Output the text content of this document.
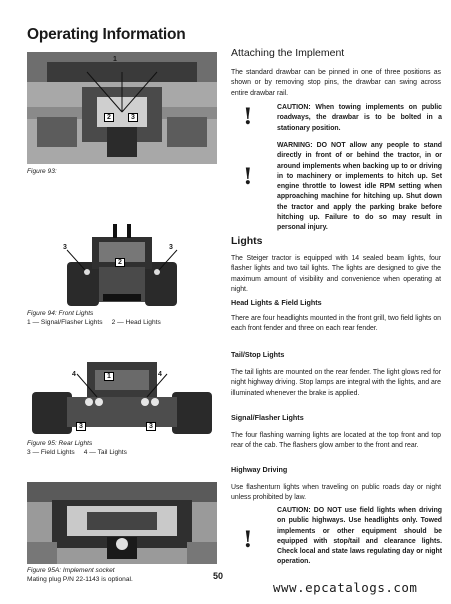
Operating Information
1
2	3
Figure 93:
3
2
3
Figure 94: Front Lights
1 — Signal/Flasher Lights     2 — Head Lights
4	1	4
3	3
Figure 95: Rear Lights
3 — Field Lights     4 — Tail Lights
Figure 95A: Implement socket
Mating plug P/N 22-1143 is optional.	50
Attaching the Implement
The standard drawbar can be pinned in one of three positions as shown or by removing stop pins, the drawbar can swing across entire drawbar rail.
!	CAUTION: When towing implements on public roadways, the drawbar is to be bolted in a stationary position.
!
WARNING: DO NOT allow any people to stand directly in front of or behind the tractor, in or around implements when backing up to or driving in to machinery or implements to hitch up. Set engine throttle to lowest idle RPM setting when approaching machine for hitching up. Shut down the tractor and apply the parking brake before hitching up. Failure to do so may result in personal injury.
Lights
The Steiger tractor is equipped with 14 sealed beam lights, four flasher lights and two tail lights. The lights are designed to give the maximum amount of visibility and convenience when operating at night.
Head Lights & Field Lights
There are four headlights mounted in the front grill, two field lights on each front fender and three on each rear fender.
Tail/Stop Lights
The tail lights are mounted on the rear fender. The light glows red for night highway driving. Stop lamps are integral with the lights, and are illuminated whenever the brake is applied.
Signal/Flasher Lights
The four flashing warning lights are located at the top front and top rear of the cab. The flashers glow amber to the front and rear.
Highway Driving
Use flashenturn lights when traveling on public roads day or night unless prohibited by law.
!
CAUTION: DO NOT use field lights when driving on public highways. Use headlights only. Towed implements or other equipment should be equipped with stop/tail and clearance lights. Check local and state laws regulating day or night operation.
www.epcatalogs.com
